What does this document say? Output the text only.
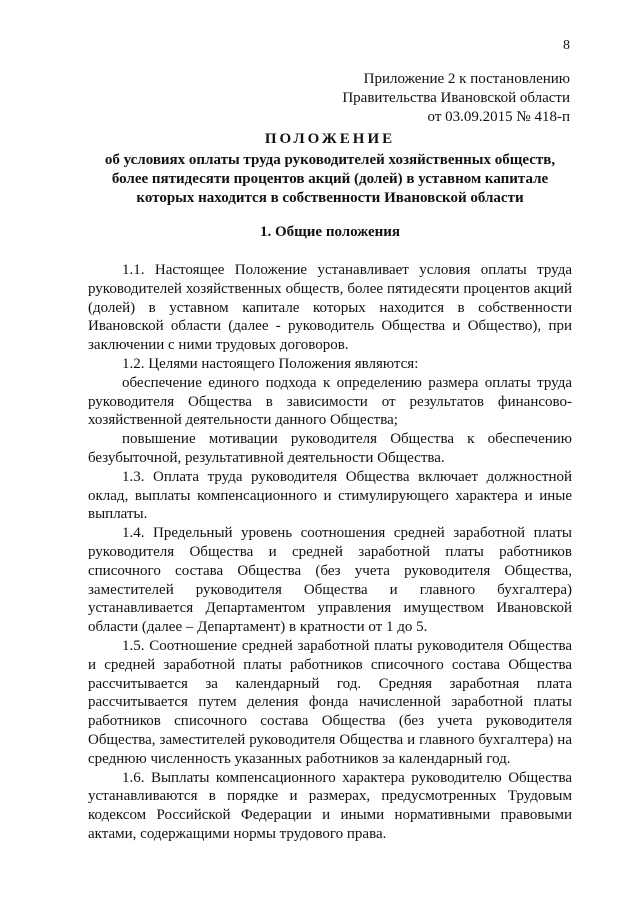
8
Приложение 2 к постановлению
Правительства Ивановской области
от 03.09.2015 № 418-п
ПОЛОЖЕНИЕ
об условиях оплаты труда руководителей хозяйственных обществ,
более пятидесяти процентов акций (долей) в уставном капитале
которых находится в собственности Ивановской области
1. Общие положения

1.1. Настоящее Положение устанавливает условия оплаты труда руководителей хозяйственных обществ, более пятидесяти процентов акций (долей) в уставном капитале которых находится в собственности Ивановской области (далее - руководитель Общества и Общество), при заключении с ними трудовых договоров.

1.2. Целями настоящего Положения являются:

обеспечение единого подхода к определению размера оплаты труда руководителя Общества в зависимости от результатов финансово-хозяйственной деятельности данного Общества;

повышение мотивации руководителя Общества к обеспечению безубыточной, результативной деятельности Общества.

1.3. Оплата труда руководителя Общества включает должностной оклад, выплаты компенсационного и стимулирующего характера и иные выплаты.

1.4. Предельный уровень соотношения средней заработной платы руководителя Общества и средней заработной платы работников списочного состава Общества (без учета руководителя Общества, заместителей руководителя Общества и главного бухгалтера) устанавливается Департаментом управления имуществом Ивановской области (далее – Департамент) в кратности от 1 до 5.

1.5. Соотношение средней заработной платы руководителя Общества и средней заработной платы работников списочного состава Общества рассчитывается за календарный год. Средняя заработная плата рассчитывается путем деления фонда начисленной заработной платы работников списочного состава Общества (без учета руководителя Общества, заместителей руководителя Общества и главного бухгалтера) на среднюю численность указанных работников за календарный год.

1.6. Выплаты компенсационного характера руководителю Общества устанавливаются в порядке и размерах, предусмотренных Трудовым кодексом Российской Федерации и иными нормативными правовыми актами, содержащими нормы трудового права.
